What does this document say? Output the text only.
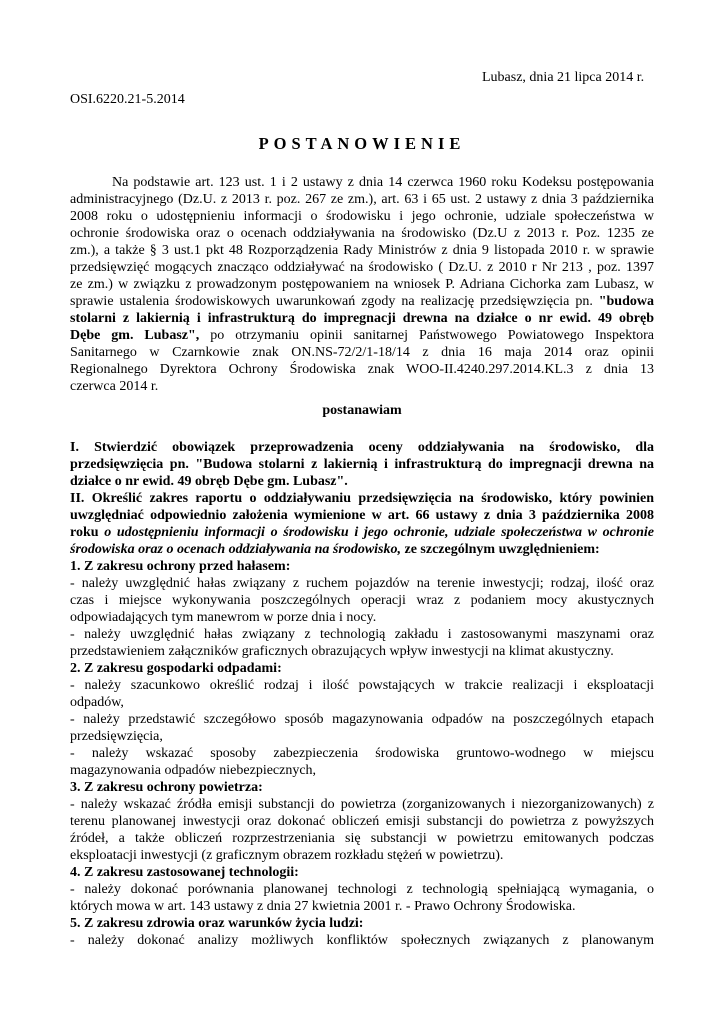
Lubasz, dnia 21 lipca 2014 r.
OSI.6220.21-5.2014
POSTANOWIENIE
Na podstawie art. 123 ust. 1 i 2 ustawy z dnia 14 czerwca 1960 roku Kodeksu postępowania
administracyjnego (Dz.U. z 2013 r. poz. 267 ze zm.), art. 63 i 65 ust. 2 ustawy z dnia 3 października
2008 roku o udostępnieniu informacji o środowisku i jego ochronie, udziale społeczeństwa w
ochronie środowiska oraz o ocenach oddziaływania na środowisko (Dz.U z 2013 r. Poz. 1235 ze
zm.), a także § 3 ust.1 pkt 48 Rozporządzenia Rady Ministrów z dnia 9 listopada 2010 r. w sprawie
przedsięwzięć mogących znacząco oddziaływać na środowisko ( Dz.U. z 2010 r Nr 213 , poz. 1397
ze zm.) w związku z prowadzonym postępowaniem na wniosek P. Adriana Cichorka zam Lubasz, w
sprawie ustalenia środowiskowych uwarunkowań zgody na realizację przedsięwzięcia pn. "budowa
stolarni z lakiernią i infrastrukturą do impregnacji drewna na działce o nr ewid. 49 obręb
Dębe gm. Lubasz", po otrzymaniu opinii sanitarnej Państwowego Powiatowego Inspektora
Sanitarnego w Czarnkowie znak ON.NS-72/2/1-18/14 z dnia 16 maja 2014 oraz opinii
Regionalnego Dyrektora Ochrony Środowiska znak WOO-II.4240.297.2014.KL.3 z dnia 13
czerwca 2014 r.
postanawiam
I. Stwierdzić obowiązek przeprowadzenia oceny oddziaływania na środowisko, dla
przedsięwzięcia pn. "Budowa stolarni z lakiernią i infrastrukturą do impregnacji drewna na
działce o nr ewid. 49 obręb Dębe gm. Lubasz".
II. Określić zakres raportu o oddziaływaniu przedsięwzięcia na środowisko, który powinien
uwzględniać odpowiednio założenia wymienione w art. 66 ustawy z dnia 3 października 2008
roku o udostępnieniu informacji o środowisku i jego ochronie, udziale społeczeństwa w ochronie
środowiska oraz o ocenach oddziaływania na środowisko, ze szczególnym uwzględnieniem:
1. Z zakresu ochrony przed hałasem:
- należy uwzględnić hałas związany z ruchem pojazdów na terenie inwestycji; rodzaj, ilość oraz
czas i miejsce wykonywania poszczególnych operacji wraz z podaniem mocy akustycznych
odpowiadających tym manewrom w porze dnia i nocy.
- należy uwzględnić hałas związany z technologią zakładu i zastosowanymi maszynami oraz
przedstawieniem załączników graficznych obrazujących wpływ inwestycji na klimat akustyczny.
2. Z zakresu gospodarki odpadami:
- należy szacunkowo określić rodzaj i ilość powstających w trakcie realizacji i eksploatacji
odpadów,
- należy przedstawić szczegółowo sposób magazynowania odpadów na poszczególnych etapach
przedsięwzięcia,
- należy wskazać sposoby zabezpieczenia środowiska gruntowo-wodnego w miejscu
magazynowania odpadów niebezpiecznych,
3. Z zakresu ochrony powietrza:
- należy wskazać źródła emisji substancji do powietrza (zorganizowanych i niezorganizowanych) z
terenu planowanej inwestycji oraz dokonać obliczeń emisji substancji do powietrza z powyższych
źródeł, a także obliczeń rozprzestrzeniania się substancji w powietrzu emitowanych podczas
eksploatacji inwestycji (z graficznym obrazem rozkładu stężeń w powietrzu).
4. Z zakresu zastosowanej technologii:
- należy dokonać porównania planowanej technologi z technologią spełniającą wymagania, o
których mowa w art. 143 ustawy z dnia 27 kwietnia 2001 r. - Prawo Ochrony Środowiska.
5. Z zakresu zdrowia oraz warunków życia ludzi:
- należy dokonać analizy możliwych konfliktów społecznych związanych z planowanym
